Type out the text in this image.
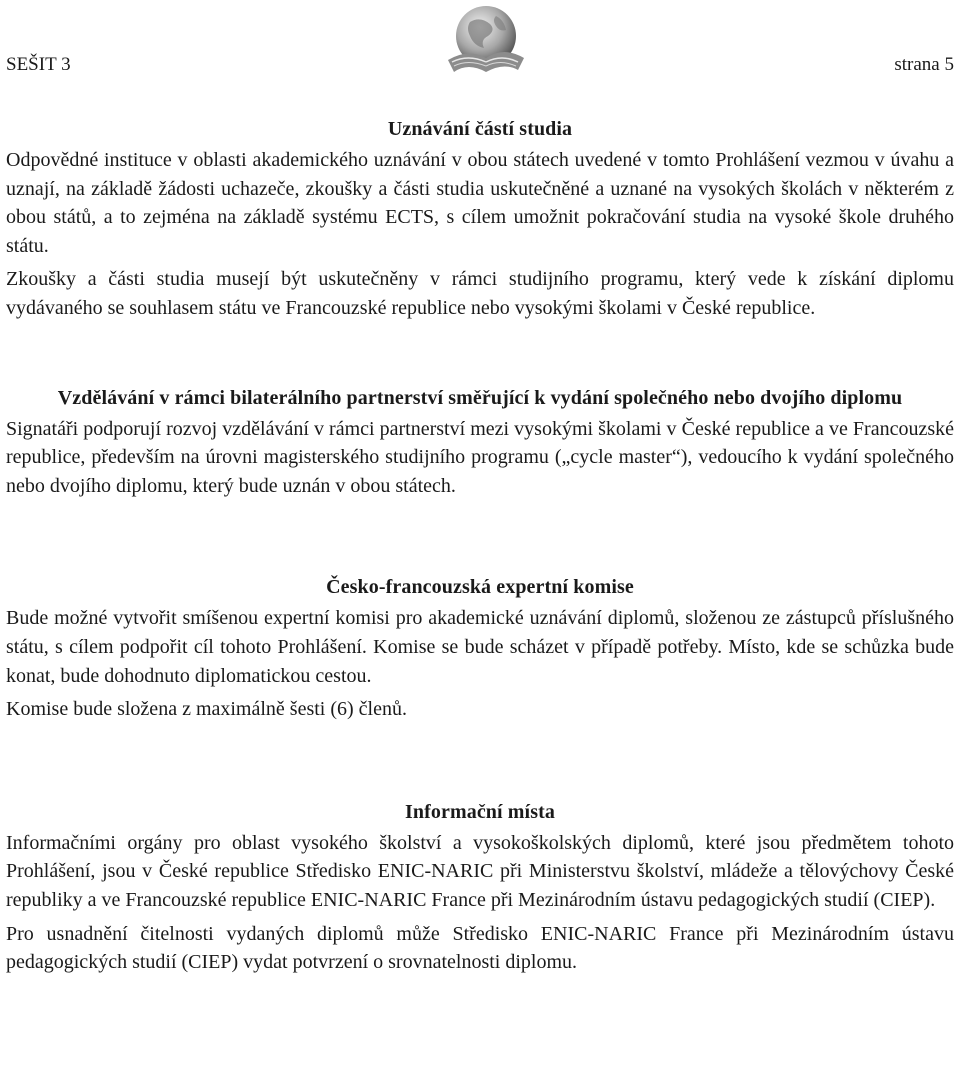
SEŠIT 3	strana 5
Uznávání částí studia

Odpovědné instituce v oblasti akademického uznávání v obou státech uvedené v tomto Prohlášení vezmou v úvahu a uznají, na základě žádosti uchazeče, zkoušky a části studia uskutečněné a uznané na vysokých školách v některém z obou států, a to zejména na základě systému ECTS, s cílem umožnit pokračování studia na vysoké škole druhého státu.

Zkoušky a části studia musejí být uskutečněny v rámci studijního programu, který vede k získání diplomu vydávaného se souhlasem státu ve Francouzské republice nebo vysokými školami v České republice.

Vzdělávání v rámci bilaterálního partnerství směřující k vydání společného nebo dvojího diplomu

Signatáři podporují rozvoj vzdělávání v rámci partnerství mezi vysokými školami v České republice a ve Francouzské republice, především na úrovni magisterského studijního programu („cycle master“), vedoucího k vydání společného nebo dvojího diplomu, který bude uznán v obou státech.

Česko-francouzská expertní komise

Bude možné vytvořit smíšenou expertní komisi pro akademické uznávání diplomů, složenou ze zástupců příslušného státu, s cílem podpořit cíl tohoto Prohlášení. Komise se bude scházet v případě potřeby. Místo, kde se schůzka bude konat, bude dohodnuto diplomatickou cestou.

Komise bude složena z maximálně šesti (6) členů.

Informační místa

Informačními orgány pro oblast vysokého školství a vysokoškolských diplomů, které jsou předmětem tohoto Prohlášení, jsou v České republice Středisko ENIC-NARIC při Ministerstvu školství, mládeže a tělovýchovy České republiky a ve Francouzské republice ENIC-NARIC France při Mezinárodním ústavu pedagogických studií (CIEP).

Pro usnadnění čitelnosti vydaných diplomů může Středisko ENIC-NARIC France při Mezinárodním ústavu pedagogických studií (CIEP) vydat potvrzení o srovnatelnosti diplomu.
